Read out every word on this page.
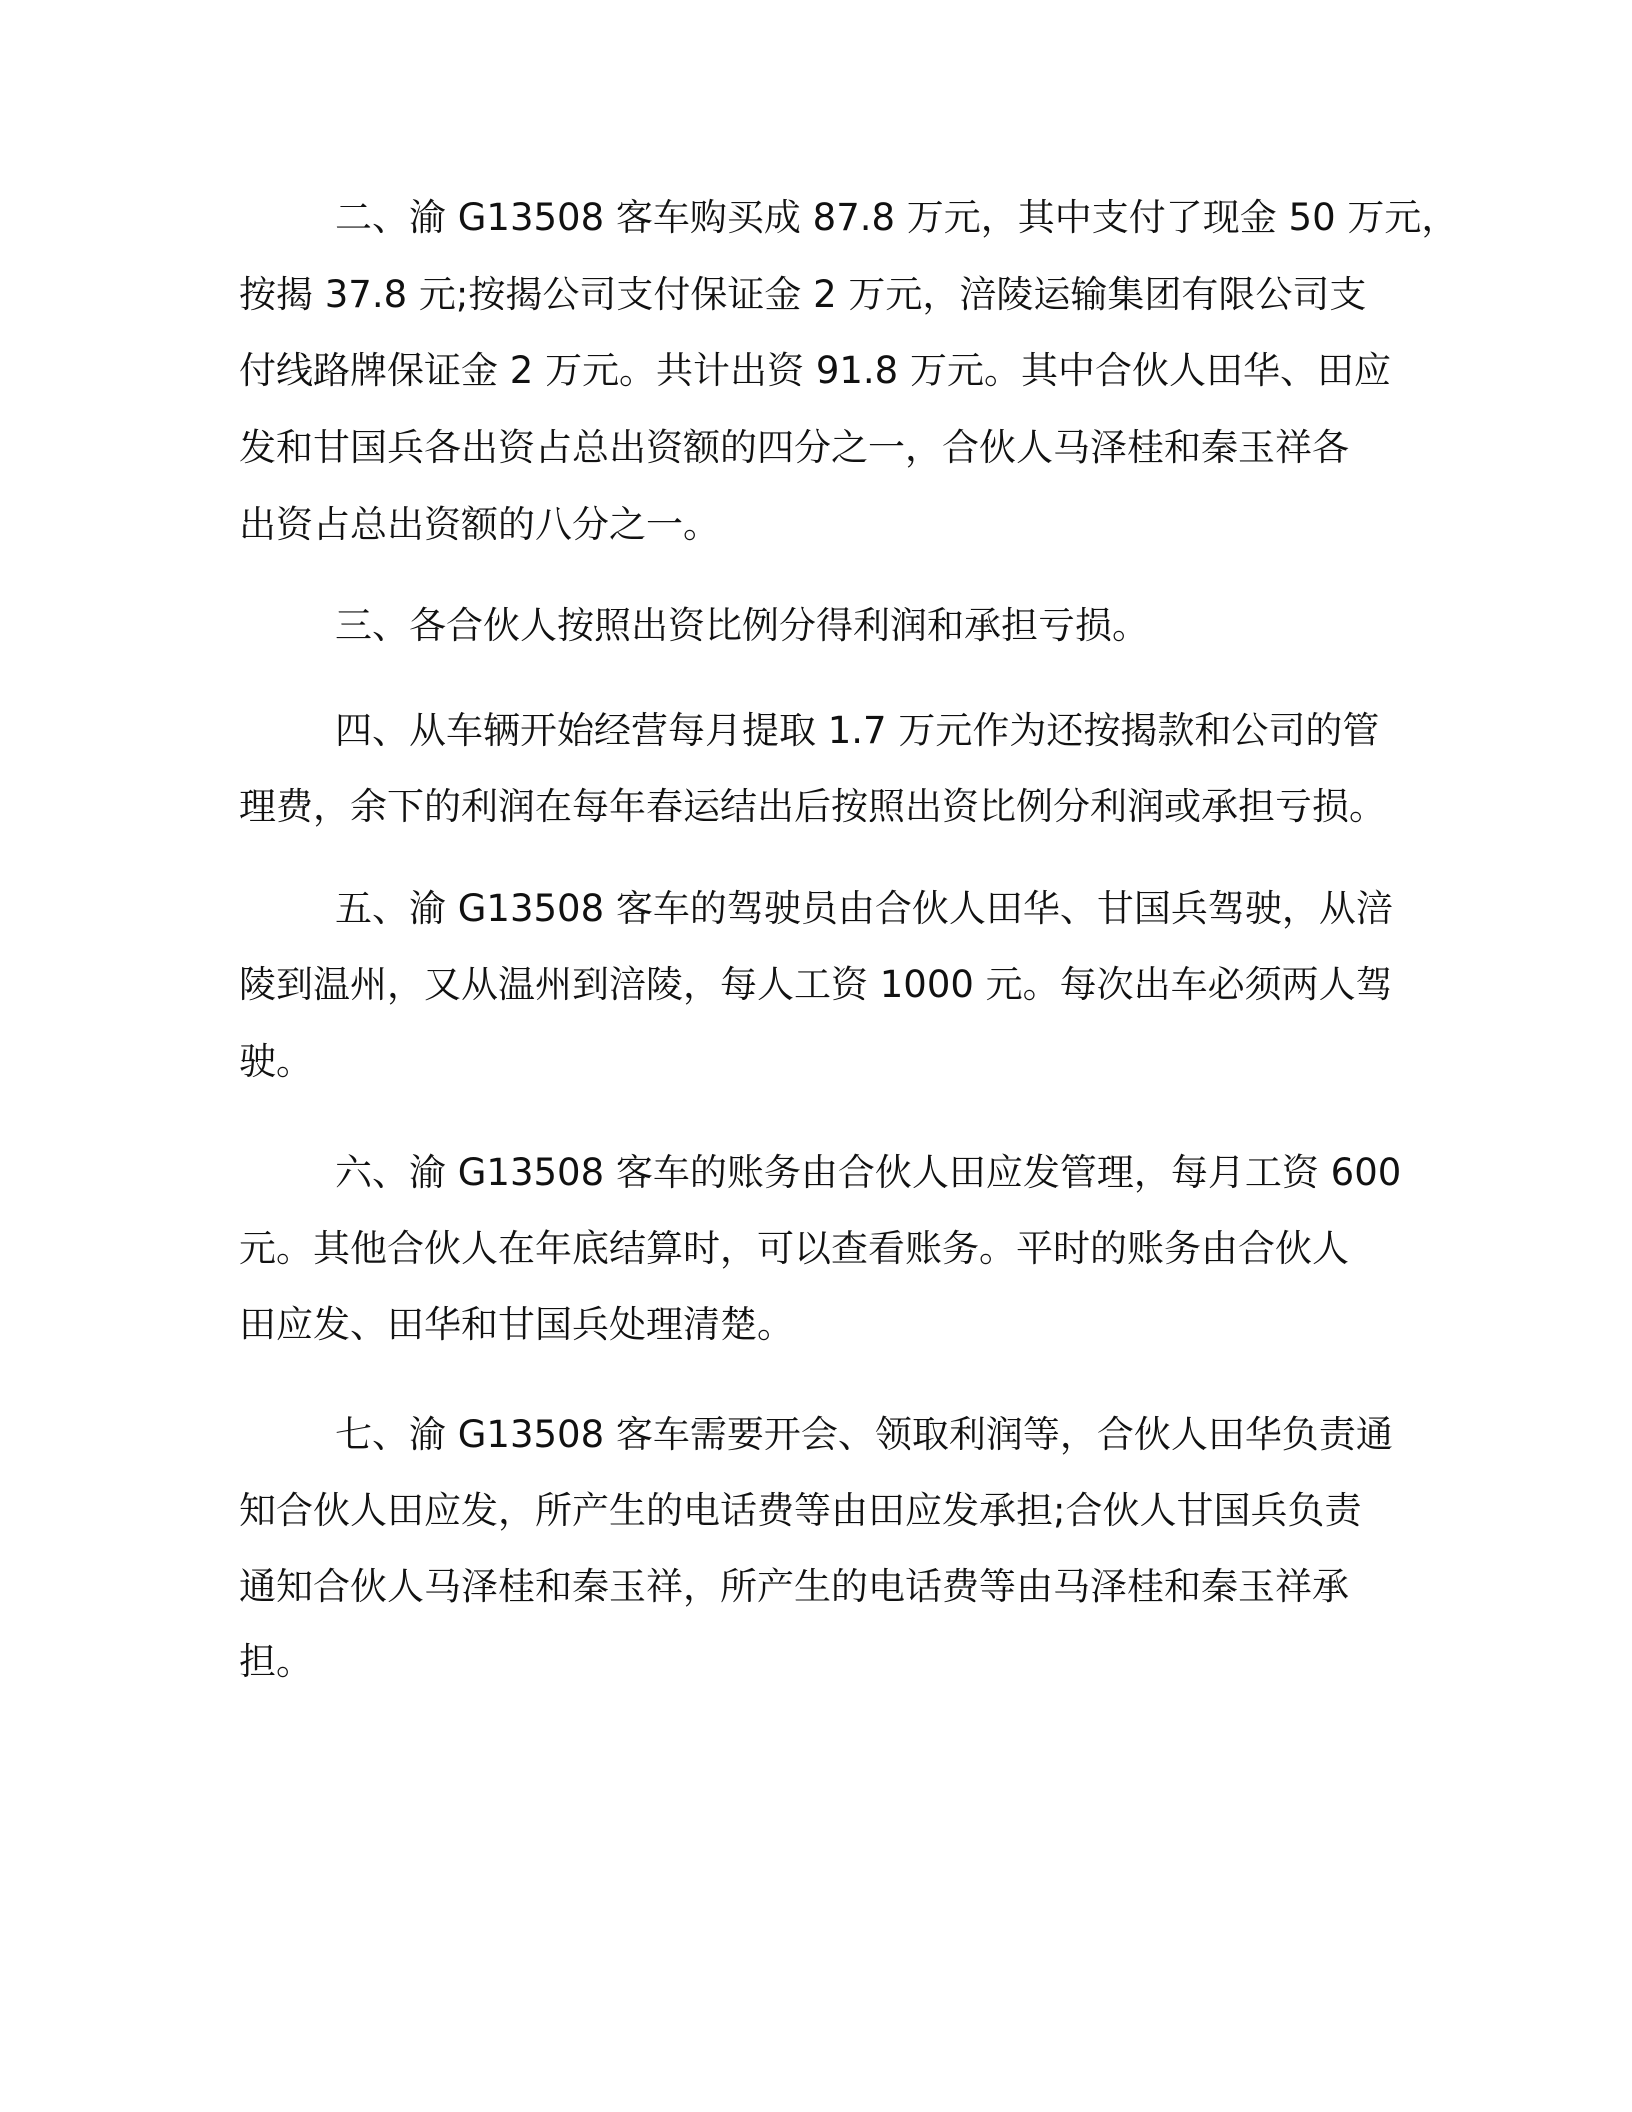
二、渝 G13508 客车购买成 87.8 万元，其中支付了现金 50 万元，

按揭 37.8 元;按揭公司支付保证金 2 万元，涪陵运输集团有限公司支

付线路牌保证金 2 万元。共计出资 91.8 万元。其中合伙人田华、田应

发和甘国兵各出资占总出资额的四分之一，合伙人马泽桂和秦玉祥各

出资占总出资额的八分之一。

三、各合伙人按照出资比例分得利润和承担亏损。

四、从车辆开始经营每月提取 1.7 万元作为还按揭款和公司的管

理费，余下的利润在每年春运结出后按照出资比例分利润或承担亏损。

五、渝 G13508 客车的驾驶员由合伙人田华、甘国兵驾驶，从涪

陵到温州，又从温州到涪陵，每人工资 1000 元。每次出车必须两人驾

驶。

六、渝 G13508 客车的账务由合伙人田应发管理，每月工资 600

元。其他合伙人在年底结算时，可以查看账务。平时的账务由合伙人

田应发、田华和甘国兵处理清楚。

七、渝 G13508 客车需要开会、领取利润等，合伙人田华负责通

知合伙人田应发，所产生的电话费等由田应发承担;合伙人甘国兵负责

通知合伙人马泽桂和秦玉祥，所产生的电话费等由马泽桂和秦玉祥承

担。
